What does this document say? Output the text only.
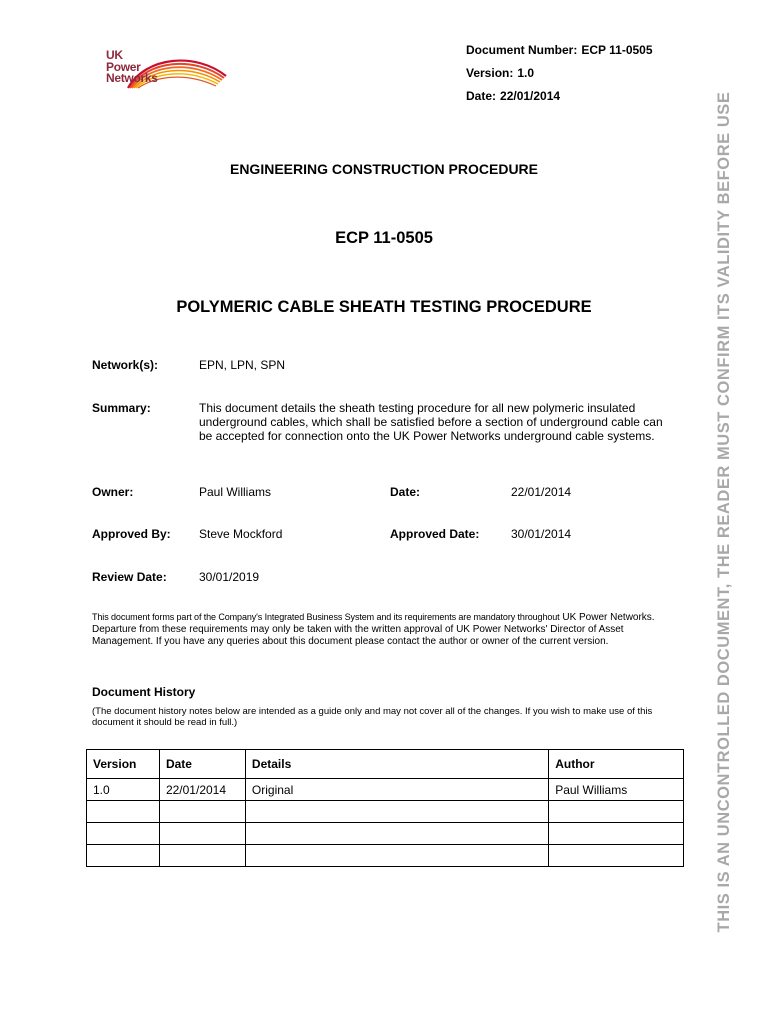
UK
Power
Networks
Document Number: ECP 11-0505
Version: 1.0
Date: 22/01/2014
ENGINEERING CONSTRUCTION PROCEDURE
ECP 11-0505
POLYMERIC CABLE SHEATH TESTING PROCEDURE
Network(s):	EPN, LPN, SPN
Summary:	This document details the sheath testing procedure for all new polymeric insulated underground cables, which shall be satisfied before a section of underground cable can be accepted for connection onto the UK Power Networks underground cable systems.
Owner:	Paul Williams	Date:	22/01/2014
Approved By: Steve Mockford	Approved Date:	30/01/2014
Review Date:	30/01/2019
This document forms part of the Company's Integrated Business System and its requirements are mandatory throughout UK Power Networks. Departure from these requirements may only be taken with the written approval of UK Power Networks' Director of Asset Management. If you have any queries about this document please contact the author or owner of the current version.
Document History
(The document history notes below are intended as a guide only and may not cover all of the changes. If you wish to make use of this document it should be read in full.)
Version	Date	Details	Author
1.0	22/01/2014	Original	Paul Williams

				THIS IS AN UNCONTROLLED DOCUMENT, THE READER MUST CONFIRM ITS VALIDITY BEFORE USE
